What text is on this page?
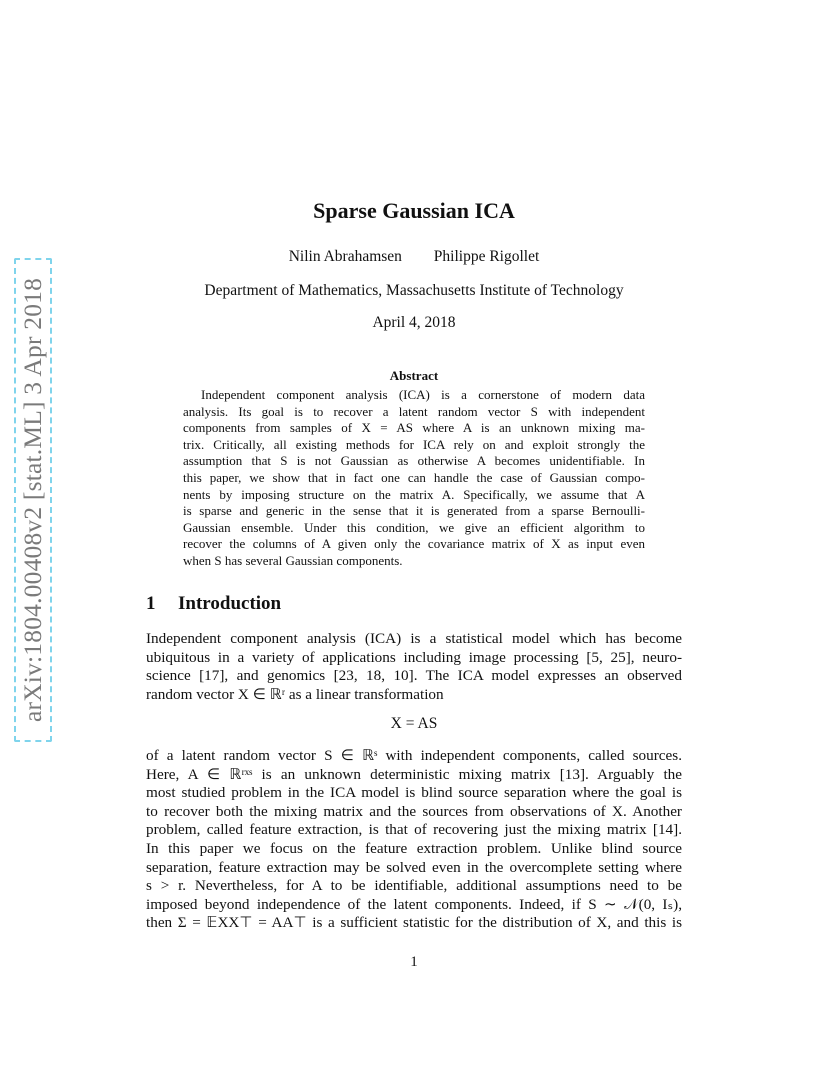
arXiv:1804.00408v2 [stat.ML] 3 Apr 2018
Sparse Gaussian ICA
Nilin Abrahamsen Philippe Rigollet
Department of Mathematics, Massachusetts Institute of Technology
April 4, 2018
Abstract
Independent component analysis (ICA) is a cornerstone of modern data
analysis. Its goal is to recover a latent random vector S with independent
components from samples of X = AS where A is an unknown mixing ma-
trix. Critically, all existing methods for ICA rely on and exploit strongly the
assumption that S is not Gaussian as otherwise A becomes unidentifiable. In
this paper, we show that in fact one can handle the case of Gaussian compo-
nents by imposing structure on the matrix A. Specifically, we assume that A
is sparse and generic in the sense that it is generated from a sparse Bernoulli-
Gaussian ensemble. Under this condition, we give an efficient algorithm to
recover the columns of A given only the covariance matrix of X as input even
when S has several Gaussian components.
1 Introduction
Independent component analysis (ICA) is a statistical model which has become
ubiquitous in a variety of applications including image processing [5, 25], neuro-
science [17], and genomics [23, 18, 10]. The ICA model expresses an observed
random vector X ∈ ℝʳ as a linear transformation
X = AS
of a latent random vector S ∈ ℝˢ with independent components, called sources.
Here, A ∈ ℝʳˣˢ is an unknown deterministic mixing matrix [13]. Arguably the
most studied problem in the ICA model is blind source separation where the goal is
to recover both the mixing matrix and the sources from observations of X. Another
problem, called feature extraction, is that of recovering just the mixing matrix [14].
In this paper we focus on the feature extraction problem. Unlike blind source
separation, feature extraction may be solved even in the overcomplete setting where
s > r. Nevertheless, for A to be identifiable, additional assumptions need to be
imposed beyond independence of the latent components. Indeed, if S ∼ 𝒩(0, Iₛ),
then Σ = 𝔼XX⊤ = AA⊤ is a sufficient statistic for the distribution of X, and this is
1
